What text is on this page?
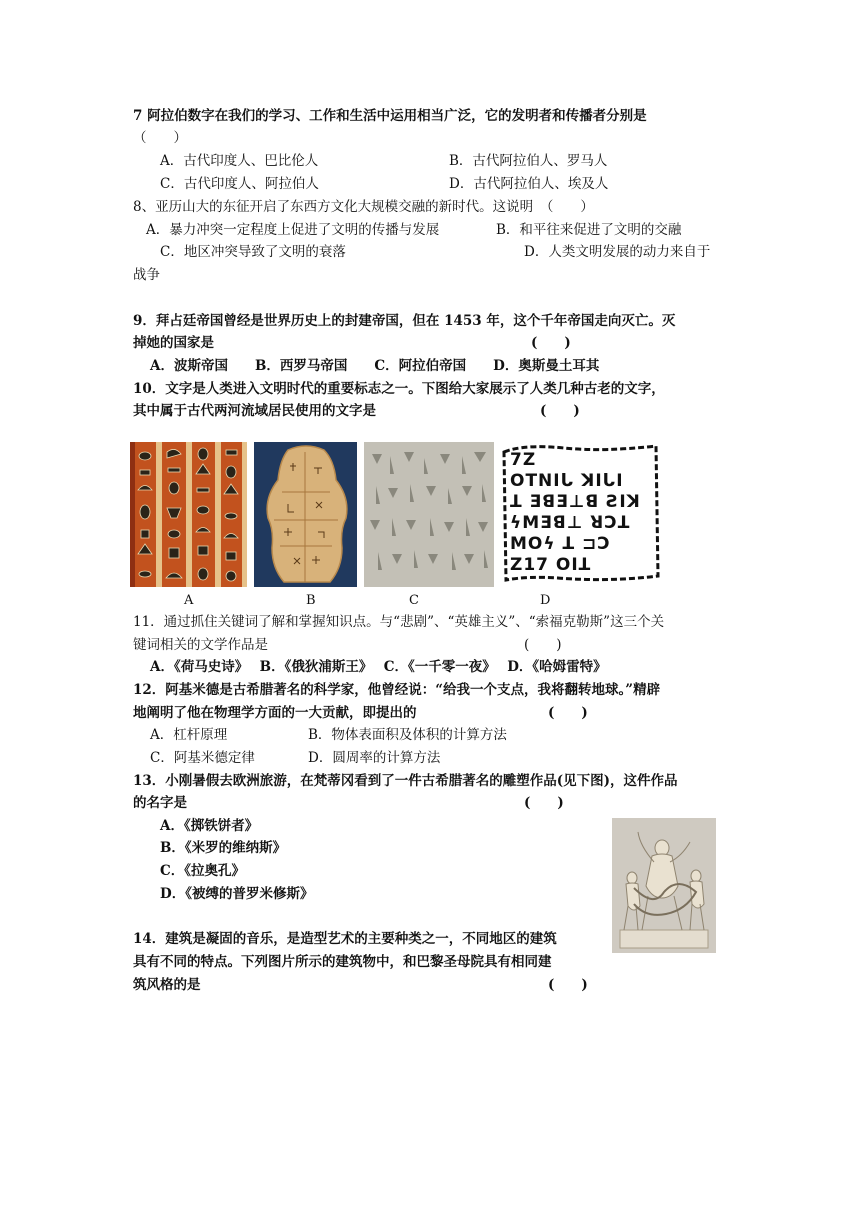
7 阿拉伯数字在我们的学习、工作和生活中运用相当广泛，它的发明者和传播者分别是
（　　）
A．古代印度人、巴比伦人	B．古代阿拉伯人、罗马人
C．古代印度人、阿拉伯人	D．古代阿拉伯人、埃及人
8、亚历山大的东征开启了东西方文化大规模交融的新时代。这说明　（　　）
A．暴力冲突一定程度上促进了文明的传播与发展	B．和平往来促进了文明的交融
C．地区冲突导致了文明的衰落	D．人类文明发展的动力来自于
战争
9．拜占廷帝国曾经是世界历史上的封建帝国，但在 1453 年，这个千年帝国走向灭亡。灭
掉她的国家是	(　　)
A．波斯帝国　　B．西罗马帝国　　C．阿拉伯帝国　　D．奥斯曼土耳其
10．文字是人类进入文明时代的重要标志之一。下图给大家展示了人类几种古老的文字，
其中属于古代两河流域居民使用的文字是	(　　)
7Z
OTNIᒐ ꓘIᒐI
ꓕ ƎꓭƎ⊥ꓭ ƧIꓘ
ϟꓟƎꓭ⊥ ꓤꓛꓕ
ꓟOϟ ꓕ ⊐ꓛ
Z17 OIꓕ
A	B	C	D
11．通过抓住关键词了解和掌握知识点。与“悲剧”、“英雄主义”、“索福克勒斯”这三个关
键词相关的文学作品是	(　　)
A．《荷马史诗》　 B．《俄狄浦斯王》　 C．《一千零一夜》　 D．《哈姆雷特》
12．阿基米德是古希腊著名的科学家，他曾经说：“给我一个支点，我将翻转地球。”精辟
地阐明了他在物理学方面的一大贡献，即提出的	(　　)
A．杠杆原理	B．物体表面积及体积的计算方法
C．阿基米德定律	D．圆周率的计算方法
13．小刚暑假去欧洲旅游，在梵蒂冈看到了一件古希腊著名的雕塑作品(见下图)，这件作品
的名字是	(　　)
A．《掷铁饼者》
B．《米罗的维纳斯》
C．《拉奥孔》
D．《被缚的普罗米修斯》
14．建筑是凝固的音乐，是造型艺术的主要种类之一，不同地区的建筑
具有不同的特点。下列图片所示的建筑物中，和巴黎圣母院具有相同建
筑风格的是	(　　)
